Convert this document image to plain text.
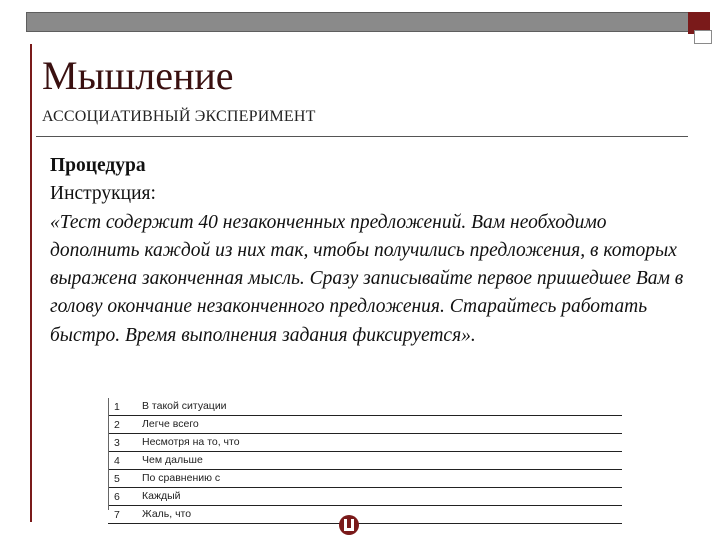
Мышление
АССОЦИАТИВНЫЙ ЭКСПЕРИМЕНТ
Процедура
Инструкция:
«Тест содержит 40 незаконченных предложений. Вам необходимо дополнить каждой из них так, чтобы получились предложения, в которых выражена законченная мысль. Сразу записывайте первое пришедшее Вам в голову окончание незаконченного предложения. Старайтесь работать быстро. Время выполнения задания фиксируется».
1 В такой ситуации
2 Легче всего
3 Несмотря на то, что
4 Чем дальше
5 По сравнению с
6 Каждый
7 Жаль, что
